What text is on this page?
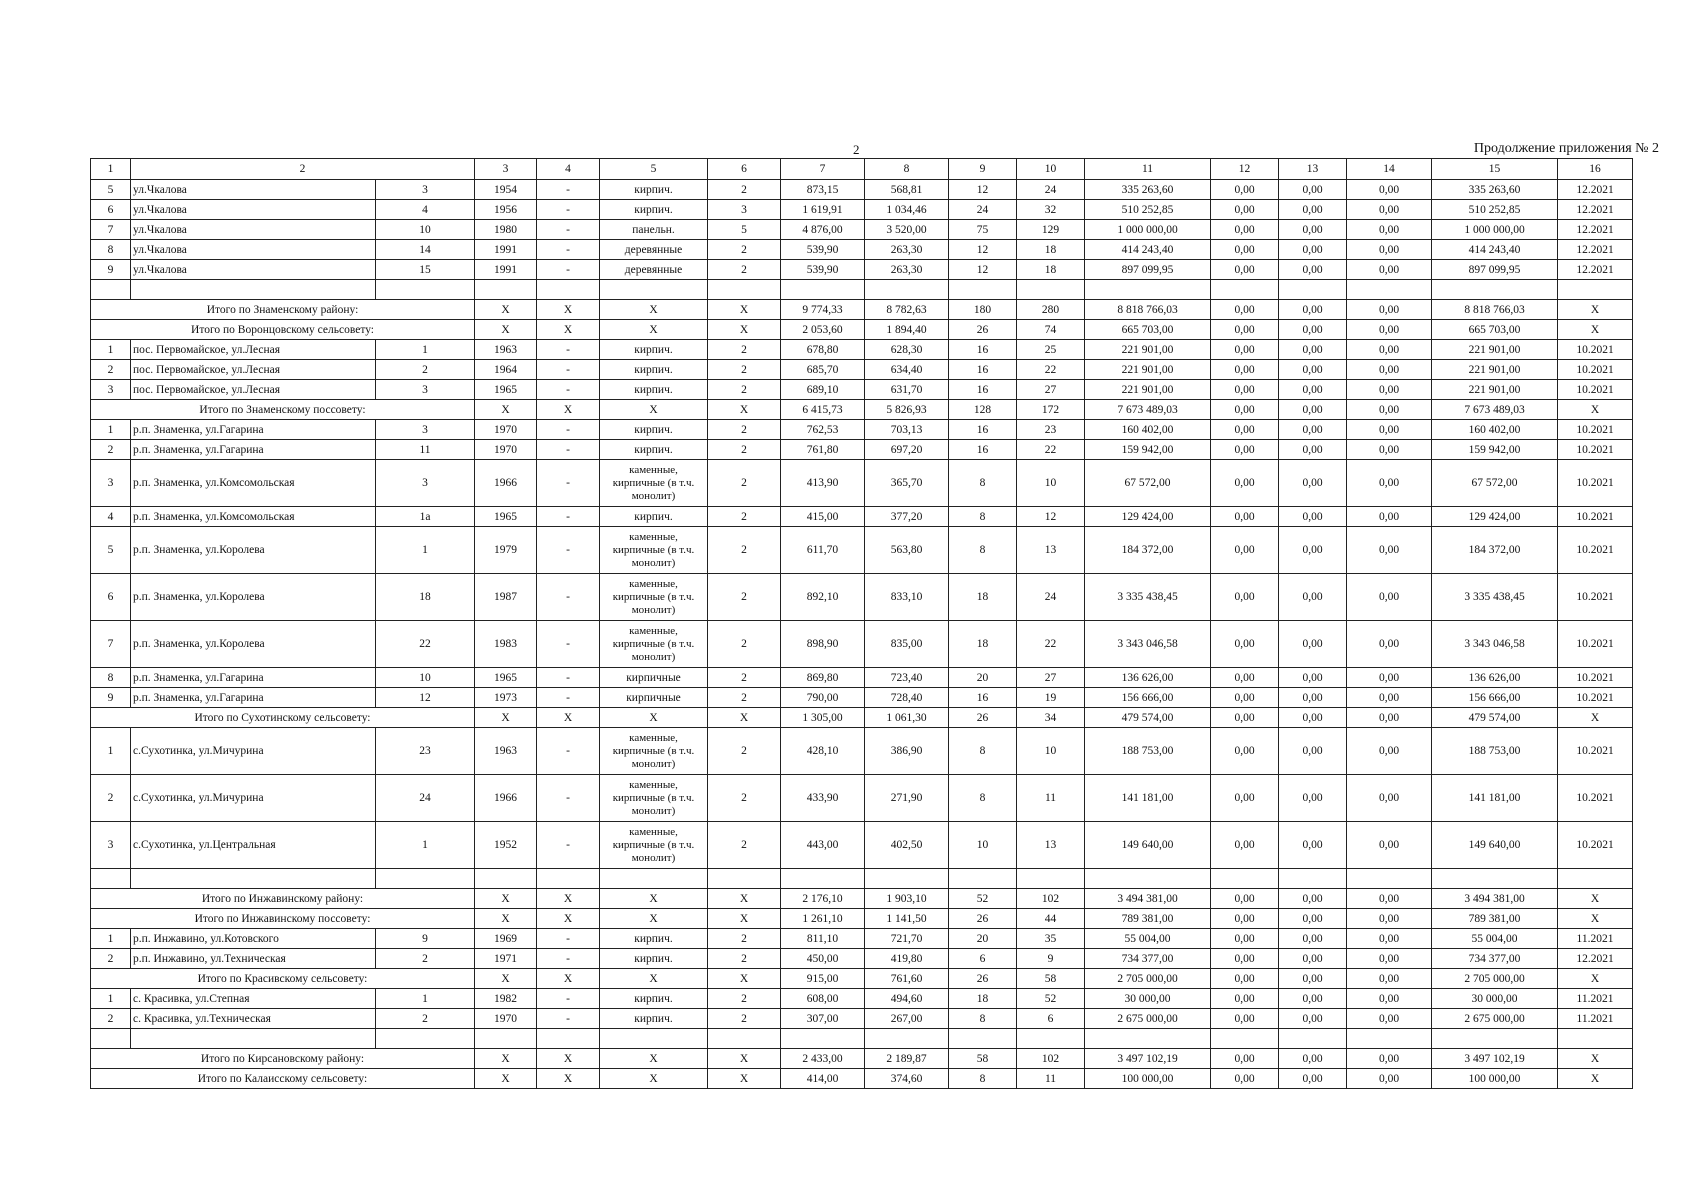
2	Продолжение приложения № 2
1	2		3	4	5	6	7	8	9	10	11	12	13	14	15	16
5	ул.Чкалова	3	1954	-	кирпич.	2	873,15	568,81	12	24	335 263,60	0,00	0,00	0,00	335 263,60	12.2021
6	ул.Чкалова	4	1956	-	кирпич.	3	1 619,91	1 034,46	24	32	510 252,85	0,00	0,00	0,00	510 252,85	12.2021
7	ул.Чкалова	10	1980	-	панельн.	5	4 876,00	3 520,00	75	129	1 000 000,00	0,00	0,00	0,00	1 000 000,00	12.2021
8	ул.Чкалова	14	1991	-	деревянные	2	539,90	263,30	12	18	414 243,40	0,00	0,00	0,00	414 243,40	12.2021
9	ул.Чкалова	15	1991	-	деревянные	2	539,90	263,30	12	18	897 099,95	0,00	0,00	0,00	897 099,95	12.2021

Итого по Знаменскому району:			X	X	X	X	9 774,33	8 782,63	180	280	8 818 766,03	0,00	0,00	0,00	8 818 766,03	X
Итого по Воронцовскому сельсовету:			X	X	X	X	2 053,60	1 894,40	26	74	665 703,00	0,00	0,00	0,00	665 703,00	X
1	пос. Первомайское, ул.Лесная	1	1963	-	кирпич.	2	678,80	628,30	16	25	221 901,00	0,00	0,00	0,00	221 901,00	10.2021
2	пос. Первомайское, ул.Лесная	2	1964	-	кирпич.	2	685,70	634,40	16	22	221 901,00	0,00	0,00	0,00	221 901,00	10.2021
3	пос. Первомайское, ул.Лесная	3	1965	-	кирпич.	2	689,10	631,70	16	27	221 901,00	0,00	0,00	0,00	221 901,00	10.2021
Итого по Знаменскому поссовету:			X	X	X	X	6 415,73	5 826,93	128	172	7 673 489,03	0,00	0,00	0,00	7 673 489,03	X
1	р.п. Знаменка, ул.Гагарина	3	1970	-	кирпич.	2	762,53	703,13	16	23	160 402,00	0,00	0,00	0,00	160 402,00	10.2021
2	р.п. Знаменка, ул.Гагарина	11	1970	-	кирпич.	2	761,80	697,20	16	22	159 942,00	0,00	0,00	0,00	159 942,00	10.2021
3	р.п. Знаменка, ул.Комсомольская	3	1966	-	каменные, кирпичные (в т.ч. монолит)	2	413,90	365,70	8	10	67 572,00	0,00	0,00	0,00	67 572,00	10.2021
4	р.п. Знаменка, ул.Комсомольская	1а	1965	-	кирпич.	2	415,00	377,20	8	12	129 424,00	0,00	0,00	0,00	129 424,00	10.2021
5	р.п. Знаменка, ул.Королева	1	1979	-	каменные, кирпичные (в т.ч. монолит)	2	611,70	563,80	8	13	184 372,00	0,00	0,00	0,00	184 372,00	10.2021
6	р.п. Знаменка, ул.Королева	18	1987	-	каменные, кирпичные (в т.ч. монолит)	2	892,10	833,10	18	24	3 335 438,45	0,00	0,00	0,00	3 335 438,45	10.2021
7	р.п. Знаменка, ул.Королева	22	1983	-	каменные, кирпичные (в т.ч. монолит)	2	898,90	835,00	18	22	3 343 046,58	0,00	0,00	0,00	3 343 046,58	10.2021
8	р.п. Знаменка, ул.Гагарина	10	1965	-	кирпичные	2	869,80	723,40	20	27	136 626,00	0,00	0,00	0,00	136 626,00	10.2021
9	р.п. Знаменка, ул.Гагарина	12	1973	-	кирпичные	2	790,00	728,40	16	19	156 666,00	0,00	0,00	0,00	156 666,00	10.2021
Итого по Сухотинскому сельсовету:			X	X	X	X	1 305,00	1 061,30	26	34	479 574,00	0,00	0,00	0,00	479 574,00	X
1	с.Сухотинка, ул.Мичурина	23	1963	-	каменные, кирпичные (в т.ч. монолит)	2	428,10	386,90	8	10	188 753,00	0,00	0,00	0,00	188 753,00	10.2021
2	с.Сухотинка, ул.Мичурина	24	1966	-	каменные, кирпичные (в т.ч. монолит)	2	433,90	271,90	8	11	141 181,00	0,00	0,00	0,00	141 181,00	10.2021
3	с.Сухотинка, ул.Центральная	1	1952	-	каменные, кирпичные (в т.ч. монолит)	2	443,00	402,50	10	13	149 640,00	0,00	0,00	0,00	149 640,00	10.2021

Итого по Инжавинскому району:			X	X	X	X	2 176,10	1 903,10	52	102	3 494 381,00	0,00	0,00	0,00	3 494 381,00	X
Итого по Инжавинскому поссовету:			X	X	X	X	1 261,10	1 141,50	26	44	789 381,00	0,00	0,00	0,00	789 381,00	X
1	р.п. Инжавино, ул.Котовского	9	1969	-	кирпич.	2	811,10	721,70	20	35	55 004,00	0,00	0,00	0,00	55 004,00	11.2021
2	р.п. Инжавино, ул.Техническая	2	1971	-	кирпич.	2	450,00	419,80	6	9	734 377,00	0,00	0,00	0,00	734 377,00	12.2021
Итого по Красивскому сельсовету:			X	X	X	X	915,00	761,60	26	58	2 705 000,00	0,00	0,00	0,00	2 705 000,00	X
1	с. Красивка, ул.Степная	1	1982	-	кирпич.	2	608,00	494,60	18	52	30 000,00	0,00	0,00	0,00	30 000,00	11.2021
2	с. Красивка, ул.Техническая	2	1970	-	кирпич.	2	307,00	267,00	8	6	2 675 000,00	0,00	0,00	0,00	2 675 000,00	11.2021

Итого по Кирсановскому району:			X	X	X	X	2 433,00	2 189,87	58	102	3 497 102,19	0,00	0,00	0,00	3 497 102,19	X
Итого по Калаисскому сельсовету:			X	X	X	X	414,00	374,60	8	11	100 000,00	0,00	0,00	0,00	100 000,00	X
